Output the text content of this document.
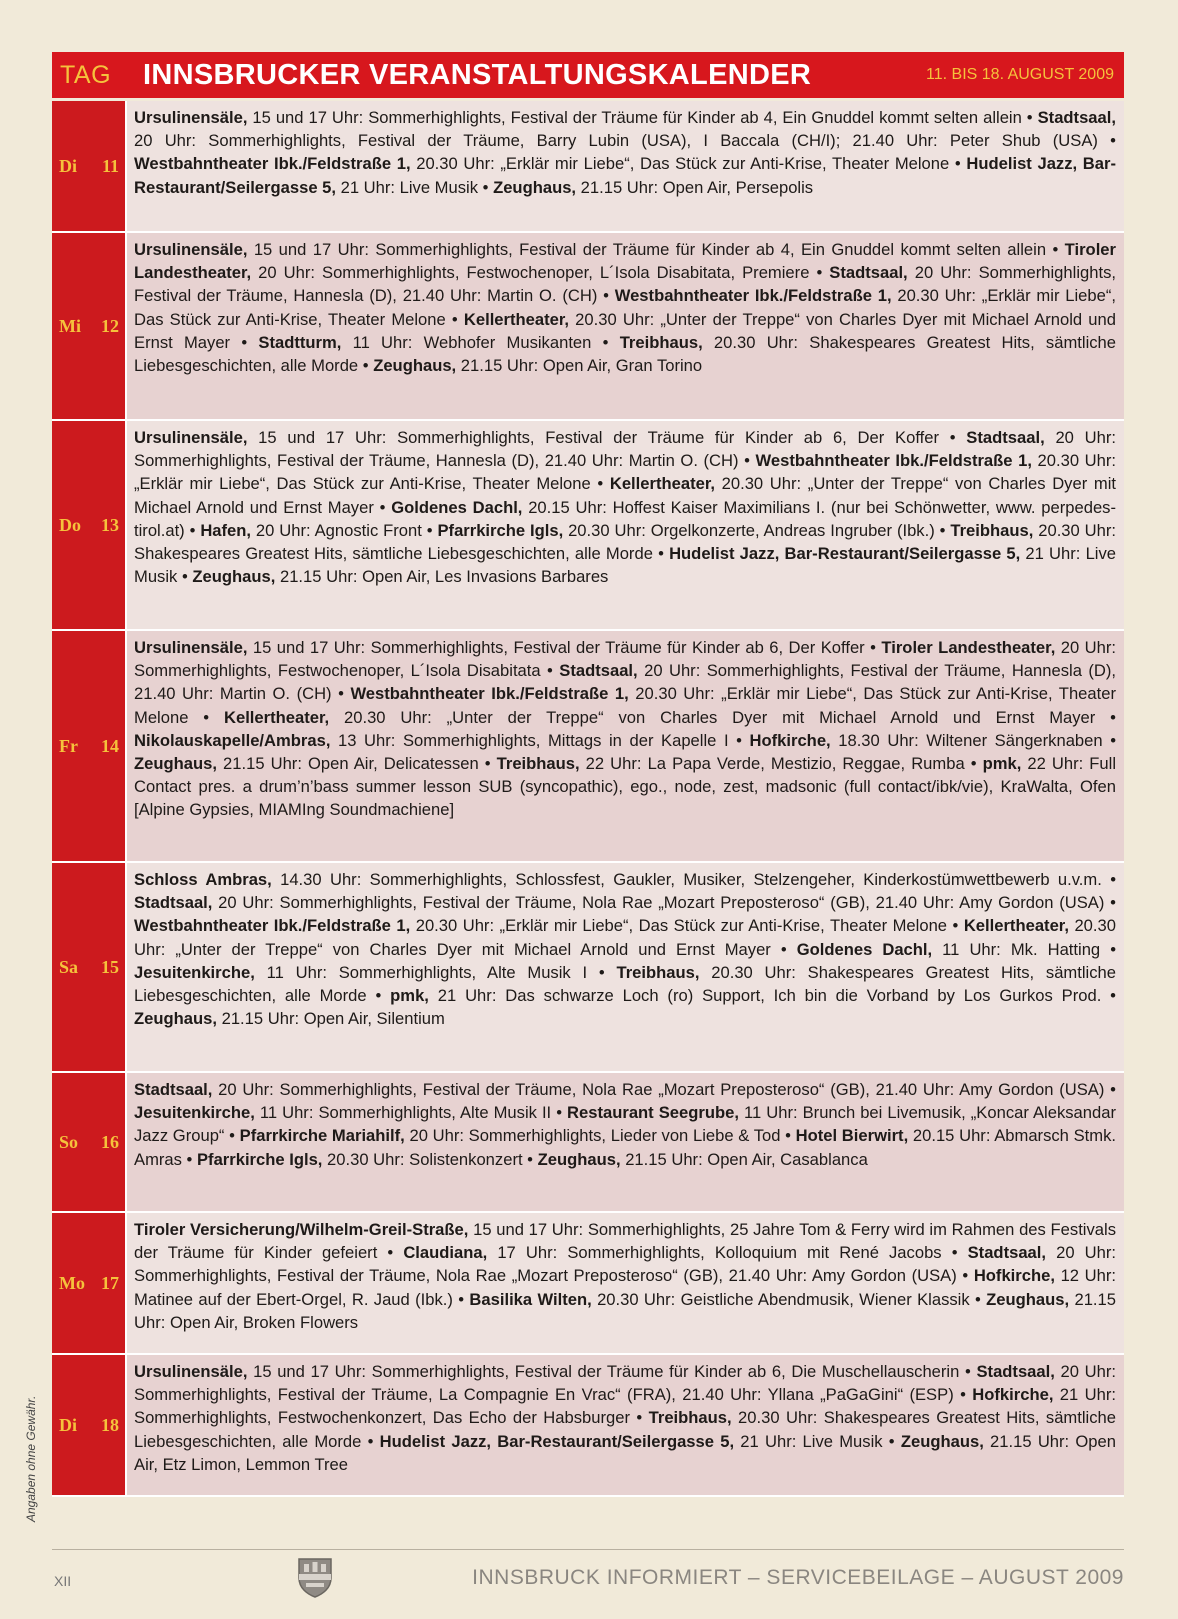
TAG	INNSBRUCKER VERANSTALTUNGSKALENDER	11. BIS 18. AUGUST 2009
Di 11
Ursulinensäle, 15 und 17 Uhr: Sommerhighlights, Festival der Träume für Kinder ab 4, Ein Gnuddel kommt selten allein • Stadtsaal, 20 Uhr: Sommerhighlights, Festival der Träume, Barry Lubin (USA), I Baccala (CH/I); 21.40 Uhr: Peter Shub (USA) • Westbahntheater Ibk./Feldstraße 1, 20.30 Uhr: „Erklär mir Liebe“, Das Stück zur Anti-Krise, Theater Melone • Hudelist Jazz, Bar-Restaurant/Seilergasse 5, 21 Uhr: Live Musik • Zeughaus, 21.15 Uhr: Open Air, Persepolis
Mi 12
Ursulinensäle, 15 und 17 Uhr: Sommerhighlights, Festival der Träume für Kinder ab 4, Ein Gnuddel kommt selten allein • Tiroler Landestheater, 20 Uhr: Sommerhighlights, Festwochenoper, L´Isola Disabitata, Premiere • Stadtsaal, 20 Uhr: Sommerhighlights, Festival der Träume, Hannesla (D), 21.40 Uhr: Martin O. (CH) • Westbahntheater Ibk./Feldstraße 1, 20.30 Uhr: „Erklär mir Liebe“, Das Stück zur Anti-Krise, Theater Melone • Kellertheater, 20.30 Uhr: „Unter der Treppe“ von Charles Dyer mit Michael Arnold und Ernst Mayer • Stadtturm, 11 Uhr: Webhofer Musikanten • Treibhaus, 20.30 Uhr: Shakespeares Greatest Hits, sämtliche Liebesgeschichten, alle Morde • Zeughaus, 21.15 Uhr: Open Air, Gran Torino
Do 13
Ursulinensäle, 15 und 17 Uhr: Sommerhighlights, Festival der Träume für Kinder ab 6, Der Koffer • Stadtsaal, 20 Uhr: Sommerhighlights, Festival der Träume, Hannesla (D), 21.40 Uhr: Martin O. (CH) • Westbahntheater Ibk./Feldstraße 1, 20.30 Uhr: „Erklär mir Liebe“, Das Stück zur Anti-Krise, Theater Melone • Kellertheater, 20.30 Uhr: „Unter der Treppe“ von Charles Dyer mit Michael Arnold und Ernst Mayer • Goldenes Dachl, 20.15 Uhr: Hoffest Kaiser Maximilians I. (nur bei Schönwetter, www. perpedes-tirol.at) • Hafen, 20 Uhr: Agnostic Front • Pfarrkirche Igls, 20.30 Uhr: Orgelkonzerte, Andreas Ingruber (Ibk.) • Treibhaus, 20.30 Uhr: Shakespeares Greatest Hits, sämtliche Liebesgeschichten, alle Morde • Hudelist Jazz, Bar-Restaurant/Seilergasse 5, 21 Uhr: Live Musik • Zeughaus, 21.15 Uhr: Open Air, Les Invasions Barbares
Fr 14
Ursulinensäle, 15 und 17 Uhr: Sommerhighlights, Festival der Träume für Kinder ab 6, Der Koffer • Tiroler Landestheater, 20 Uhr: Sommerhighlights, Festwochenoper, L´Isola Disabitata • Stadtsaal, 20 Uhr: Sommerhighlights, Festival der Träume, Hannesla (D), 21.40 Uhr: Martin O. (CH) • Westbahntheater Ibk./Feldstraße 1, 20.30 Uhr: „Erklär mir Liebe“, Das Stück zur Anti-Krise, Theater Melone • Kellertheater, 20.30 Uhr: „Unter der Treppe“ von Charles Dyer mit Michael Arnold und Ernst Mayer • Nikolauskapelle/Ambras, 13 Uhr: Sommerhighlights, Mittags in der Kapelle I • Hofkirche, 18.30 Uhr: Wiltener Sängerknaben • Zeughaus, 21.15 Uhr: Open Air, Delicatessen • Treibhaus, 22 Uhr: La Papa Verde, Mestizio, Reggae, Rumba • pmk, 22 Uhr: Full Contact pres. a drum’n’bass summer lesson SUB (syncopathic), ego., node, zest, madsonic (full contact/ibk/vie), KraWalta, Ofen [Alpine Gypsies, MIAMIng Soundmachiene]
Sa 15
Schloss Ambras, 14.30 Uhr: Sommerhighlights, Schlossfest, Gaukler, Musiker, Stelzengeher, Kinderkostümwettbewerb u.v.m. • Stadtsaal, 20 Uhr: Sommerhighlights, Festival der Träume, Nola Rae „Mozart Preposteroso“ (GB), 21.40 Uhr: Amy Gordon (USA) • Westbahntheater Ibk./Feldstraße 1, 20.30 Uhr: „Erklär mir Liebe“, Das Stück zur Anti-Krise, Theater Melone • Kellertheater, 20.30 Uhr: „Unter der Treppe“ von Charles Dyer mit Michael Arnold und Ernst Mayer • Goldenes Dachl, 11 Uhr: Mk. Hatting • Jesuitenkirche, 11 Uhr: Sommerhighlights, Alte Musik I • Treibhaus, 20.30 Uhr: Shakespeares Greatest Hits, sämtliche Liebesgeschichten, alle Morde • pmk, 21 Uhr: Das schwarze Loch (ro) Support, Ich bin die Vorband by Los Gurkos Prod. • Zeughaus, 21.15 Uhr: Open Air, Silentium
So 16
Stadtsaal, 20 Uhr: Sommerhighlights, Festival der Träume, Nola Rae „Mozart Preposteroso“ (GB), 21.40 Uhr: Amy Gordon (USA) • Jesuitenkirche, 11 Uhr: Sommerhighlights, Alte Musik II • Restaurant Seegrube, 11 Uhr: Brunch bei Livemusik, „Koncar Aleksandar Jazz Group“ • Pfarrkirche Mariahilf, 20 Uhr: Sommerhighlights, Lieder von Liebe & Tod • Hotel Bierwirt, 20.15 Uhr: Abmarsch Stmk. Amras • Pfarrkirche Igls, 20.30 Uhr: Solistenkonzert • Zeughaus, 21.15 Uhr: Open Air, Casablanca
Mo 17
Tiroler Versicherung/Wilhelm-Greil-Straße, 15 und 17 Uhr: Sommerhighlights, 25 Jahre Tom & Ferry wird im Rahmen des Festivals der Träume für Kinder gefeiert • Claudiana, 17 Uhr: Sommerhighlights, Kolloquium mit René Jacobs • Stadtsaal, 20 Uhr: Sommerhighlights, Festival der Träume, Nola Rae „Mozart Preposteroso“ (GB), 21.40 Uhr: Amy Gordon (USA) • Hofkirche, 12 Uhr: Matinee auf der Ebert-Orgel, R. Jaud (Ibk.) • Basilika Wilten, 20.30 Uhr: Geistliche Abendmusik, Wiener Klassik • Zeughaus, 21.15 Uhr: Open Air, Broken Flowers
Di 18
Ursulinensäle, 15 und 17 Uhr: Sommerhighlights, Festival der Träume für Kinder ab 6, Die Muschellauscherin • Stadtsaal, 20 Uhr: Sommerhighlights, Festival der Träume, La Compagnie En Vrac“ (FRA), 21.40 Uhr: Yllana „PaGaGini“ (ESP) • Hofkirche, 21 Uhr: Sommerhighlights, Festwochenkonzert, Das Echo der Habsburger • Treibhaus, 20.30 Uhr: Shakespeares Greatest Hits, sämtliche Liebesgeschichten, alle Morde • Hudelist Jazz, Bar-Restaurant/Seilergasse 5, 21 Uhr: Live Musik • Zeughaus, 21.15 Uhr: Open Air, Etz Limon, Lemmon Tree
Angaben ohne Gewähr.
XII	INNSBRUCK INFORMIERT – SERVICEBEILAGE – AUGUST 2009
